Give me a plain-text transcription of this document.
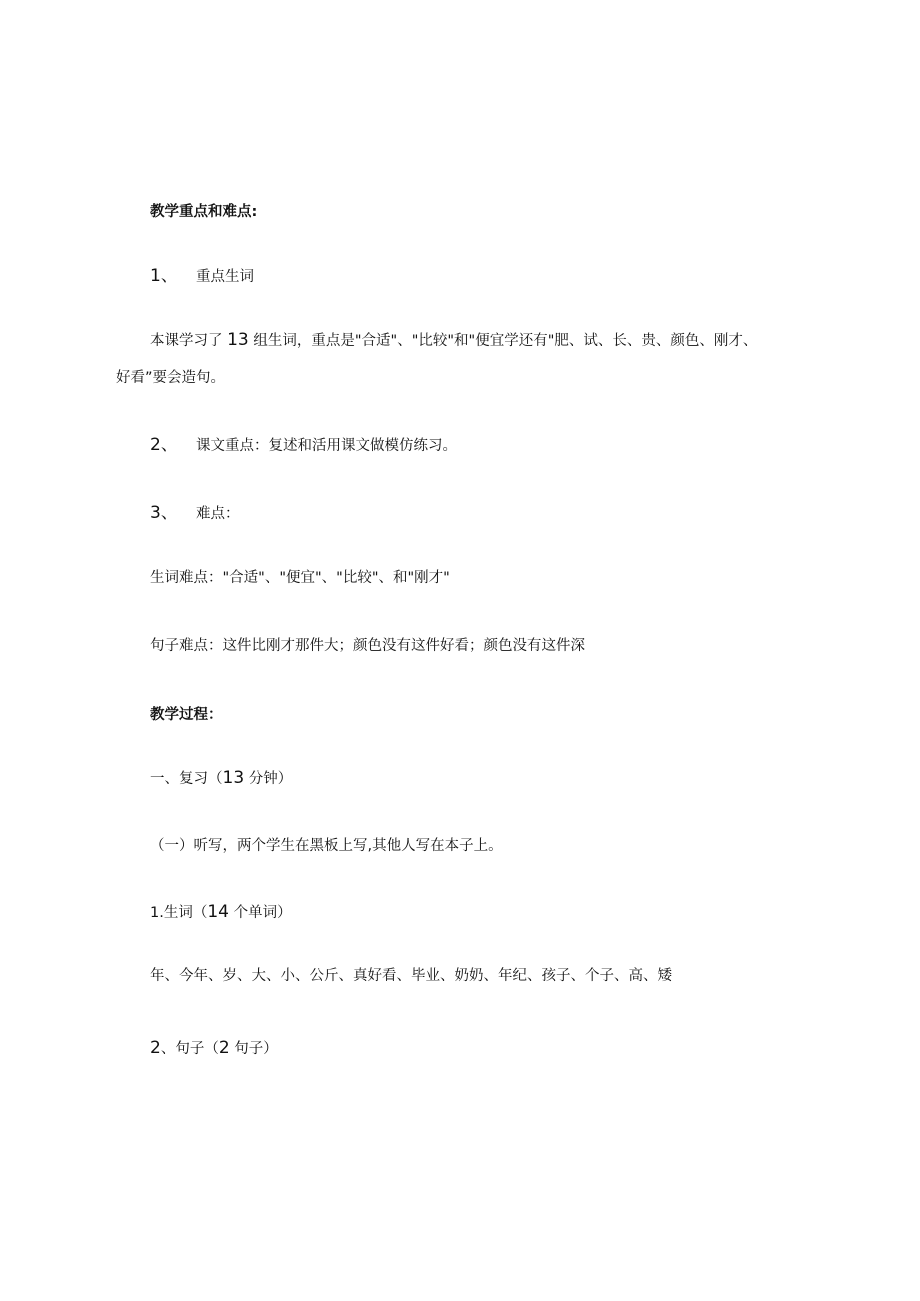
教学重点和难点:
1、 重点生词
本课学习了 13 组生词，重点是"合适"、"比较"和"便宜学还有"肥、试、长、贵、颜色、刚才、
好看”要会造句。
2、 课文重点：复述和活用课文做模仿练习。
3、 难点：
生词难点："合适"、"便宜"、"比较"、和"刚才"
句子难点：这件比刚才那件大；颜色没有这件好看；颜色没有这件深
教学过程：
一、复习（13 分钟）
（一）听写，两个学生在黑板上写,其他人写在本子上。
1.生词（14 个单词）
年、今年、岁、大、小、公斤、真好看、毕业、奶奶、年纪、孩子、个子、高、矮
2、句子（2 句子）
